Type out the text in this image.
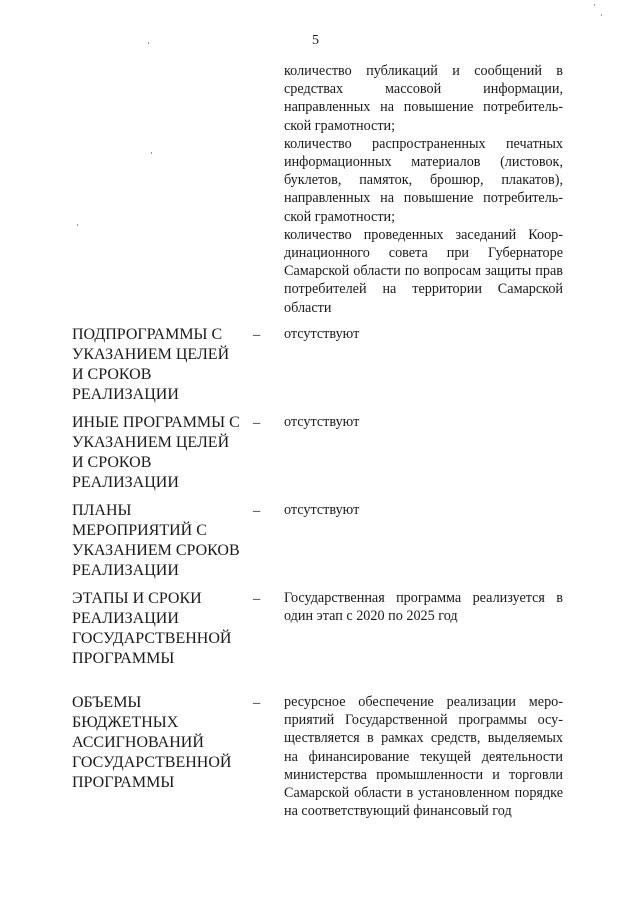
5

количество публикаций и сообщений в средствах массовой информации, направленных на повышение потребительской грамотности;

количество распространенных печатных информационных материалов (листовок, буклетов, памяток, брошюр, плакатов), направленных на повышение потребительской грамотности;

количество проведенных заседаний Координационного совета при Губернаторе Самарской области по вопросам защиты прав потребителей на территории Самарской области

ПОДПРОГРАММЫ С УКАЗАНИЕМ ЦЕЛЕЙ И СРОКОВ РЕАЛИЗАЦИИ
– отсутствуют
ИНЫЕ ПРОГРАММЫ С УКАЗАНИЕМ ЦЕЛЕЙ И СРОКОВ РЕАЛИЗАЦИИ
– отсутствуют
ПЛАНЫ МЕРОПРИЯТИЙ С УКАЗАНИЕМ СРОКОВ РЕАЛИЗАЦИИ
– отсутствуют
ЭТАПЫ И СРОКИ РЕАЛИЗАЦИИ ГОСУДАРСТВЕННОЙ ПРОГРАММЫ
– Государственная программа реализуется в один этап с 2020 по 2025 год
ОБЪЕМЫ БЮДЖЕТНЫХ АССИГНОВАНИЙ ГОСУДАРСТВЕННОЙ ПРОГРАММЫ
– ресурсное обеспечение реализации мероприятий Государственной программы осуществляется в рамках средств, выделяемых на финансирование текущей деятельности министерства промышленности и торговли Самарской области в установленном порядке на соответствующий финансовый год
